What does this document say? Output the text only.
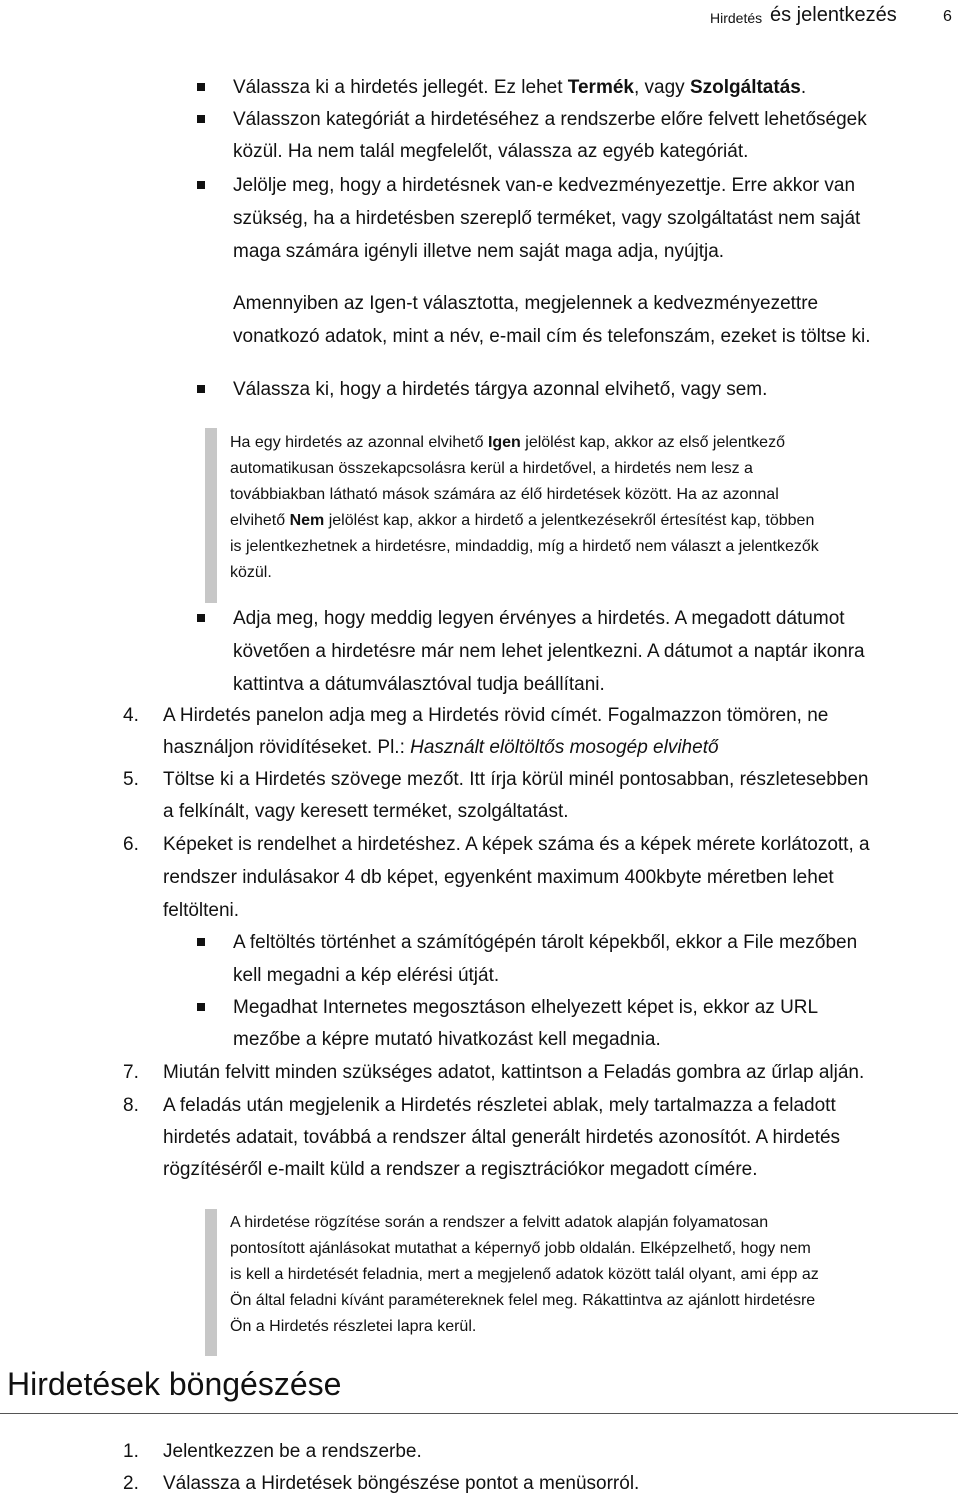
Hirdetés és jelentkezés	6
Válassza ki a hirdetés jellegét. Ez lehet Termék, vagy Szolgáltatás.
Válasszon kategóriát a hirdetéséhez a rendszerbe előre felvett lehetőségek
közül. Ha nem talál megfelelőt, válassza az egyéb kategóriát.
Jelölje meg, hogy a hirdetésnek van-e kedvezményezettje. Erre akkor van
szükség, ha a hirdetésben szereplő terméket, vagy szolgáltatást nem saját
maga számára igényli illetve nem saját maga adja, nyújtja.
Amennyiben az Igen-t választotta, megjelennek a kedvezményezettre
vonatkozó adatok, mint a név, e-mail cím és telefonszám, ezeket is töltse ki.
Válassza ki, hogy a hirdetés tárgya azonnal elvihető, vagy sem.
Ha egy hirdetés az azonnal elvihető Igen jelölést kap, akkor az első jelentkező
automatikusan összekapcsolásra kerül a hirdetővel, a hirdetés nem lesz a
továbbiakban látható mások számára az élő hirdetések között. Ha az azonnal
elvihető Nem jelölést kap, akkor a hirdető a jelentkezésekről értesítést kap, többen
is jelentkezhetnek a hirdetésre, mindaddig, míg a hirdető nem választ a jelentkezők
közül.
Adja meg, hogy meddig legyen érvényes a hirdetés. A megadott dátumot
követően a hirdetésre már nem lehet jelentkezni. A dátumot a naptár ikonra
kattintva a dátumválasztóval tudja beállítani.
4. A Hirdetés panelon adja meg a Hirdetés rövid címét. Fogalmazzon tömören, ne
használjon rövidítéseket. Pl.: Használt elöltöltős mosogép elvihető
5. Töltse ki a Hirdetés szövege mezőt. Itt írja körül minél pontosabban, részletesebben
a felkínált, vagy keresett terméket, szolgáltatást.
6. Képeket is rendelhet a hirdetéshez. A képek száma és a képek mérete korlátozott, a
rendszer indulásakor 4 db képet, egyenként maximum 400kbyte méretben lehet
feltölteni.
A feltöltés történhet a számítógépén tárolt képekből, ekkor a File mezőben
kell megadni a kép elérési útját.
Megadhat Internetes megosztáson elhelyezett képet is, ekkor az URL
mezőbe a képre mutató hivatkozást kell megadnia.
7. Miután felvitt minden szükséges adatot, kattintson a Feladás gombra az űrlap alján.
8. A feladás után megjelenik a Hirdetés részletei ablak, mely tartalmazza a feladott
hirdetés adatait, továbbá a rendszer által generált hirdetés azonosítót. A hirdetés
rögzítéséről e-mailt küld a rendszer a regisztrációkor megadott címére.
A hirdetése rögzítése során a rendszer a felvitt adatok alapján folyamatosan
pontosított ajánlásokat mutathat a képernyő jobb oldalán. Elképzelhető, hogy nem
is kell a hirdetését feladnia, mert a megjelenő adatok között talál olyant, ami épp az
Ön által feladni kívánt paramétereknek felel meg. Rákattintva az ajánlott hirdetésre
Ön a Hirdetés részletei lapra kerül.
Hirdetések böngészése
1. Jelentkezzen be a rendszerbe.
2. Válassza a Hirdetések böngészése pontot a menüsorról.
